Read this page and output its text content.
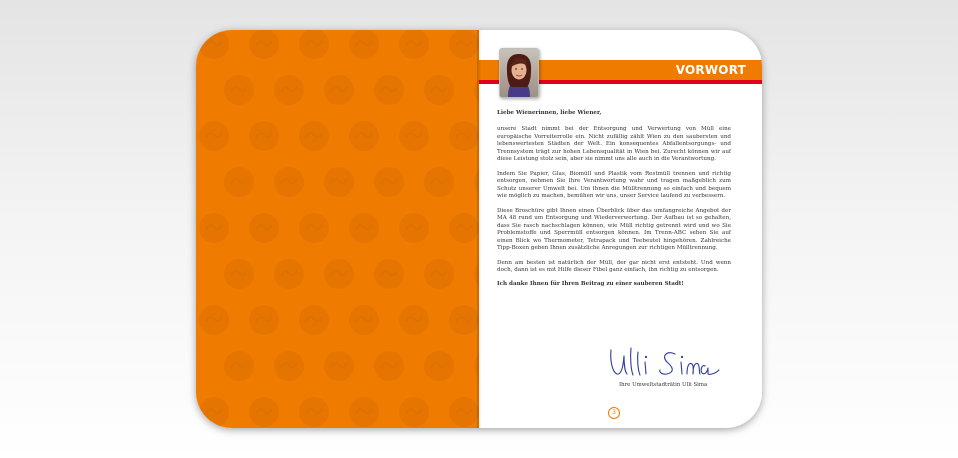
VORWORT

Liebe Wienerinnen, liebe Wiener,

unsere Stadt nimmt bei der Entsorgung und Verwertung von Müll eine europäische Vorreiterrolle ein. Nicht zufällig zählt Wien zu den saubersten und lebenswertesten Städten der Welt. Ein konsequentes Abfallentsorgungs- und Trennsystem trägt zur hohen Lebensqualität in Wien bei. Zurecht können wir auf diese Leistung stolz sein, aber sie nimmt uns alle auch in die Verantwortung.

Indem Sie Papier, Glas, Biomüll und Plastik vom Restmüll trennen und richtig entsorgen, nehmen Sie Ihre Verantwortung wahr und tragen maßgeblich zum Schutz unserer Umwelt bei. Um Ihnen die Mülltrennung so einfach und bequem wie möglich zu machen, bemühen wir uns, unser Service laufend zu verbessern.

Diese Broschüre gibt Ihnen einen Überblick über das umfangreiche Angebot der MA 48 rund um Entsorgung und Wiederverwertung. Der Aufbau ist so gehalten, dass Sie rasch nachschlagen können, wie Müll richtig getrennt wird und wo Sie Problemstoffe und Sperrmüll entsorgen können. Im Trenn-ABC sehen Sie auf einen Blick wo Thermometer, Tetrapack und Teebeutel hingehören. Zahlreiche Tipp-Boxen geben Ihnen zusätzliche Anregungen zur richtigen Mülltrennung.

Denn am besten ist natürlich der Müll, der gar nicht erst entsteht. Und wenn doch, dann ist es mit Hilfe dieser Fibel ganz einfach, ihn richtig zu entsorgen.

Ich danke Ihnen für Ihren Beitrag zu einer sauberen Stadt!

Ihre Umweltstadträtin Ulli Sima
3
